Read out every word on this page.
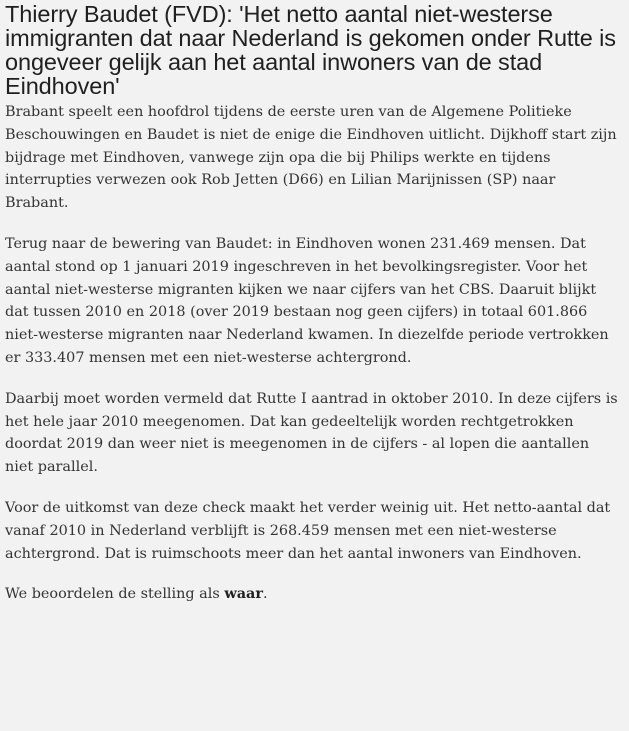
Thierry Baudet (FVD): 'Het netto aantal niet-westerse immigranten dat naar Nederland is gekomen onder Rutte is ongeveer gelijk aan het aantal inwoners van de stad Eindhoven'

Brabant speelt een hoofdrol tijdens de eerste uren van de Algemene Politieke Beschouwingen en Baudet is niet de enige die Eindhoven uitlicht. Dijkhoff start zijn bijdrage met Eindhoven, vanwege zijn opa die bij Philips werkte en tijdens interrupties verwezen ook Rob Jetten (D66) en Lilian Marijnissen (SP) naar Brabant.

Terug naar de bewering van Baudet: in Eindhoven wonen 231.469 mensen. Dat aantal stond op 1 januari 2019 ingeschreven in het bevolkingsregister. Voor het aantal niet-westerse migranten kijken we naar cijfers van het CBS. Daaruit blijkt dat tussen 2010 en 2018 (over 2019 bestaan nog geen cijfers) in totaal 601.866 niet-westerse migranten naar Nederland kwamen. In diezelfde periode vertrokken er 333.407 mensen met een niet-westerse achtergrond.

Daarbij moet worden vermeld dat Rutte I aantrad in oktober 2010. In deze cijfers is het hele jaar 2010 meegenomen. Dat kan gedeeltelijk worden rechtgetrokken doordat 2019 dan weer niet is meegenomen in de cijfers - al lopen die aantallen niet parallel.

Voor de uitkomst van deze check maakt het verder weinig uit. Het netto-aantal dat vanaf 2010 in Nederland verblijft is 268.459 mensen met een niet-westerse achtergrond. Dat is ruimschoots meer dan het aantal inwoners van Eindhoven.

We beoordelen de stelling als waar.
